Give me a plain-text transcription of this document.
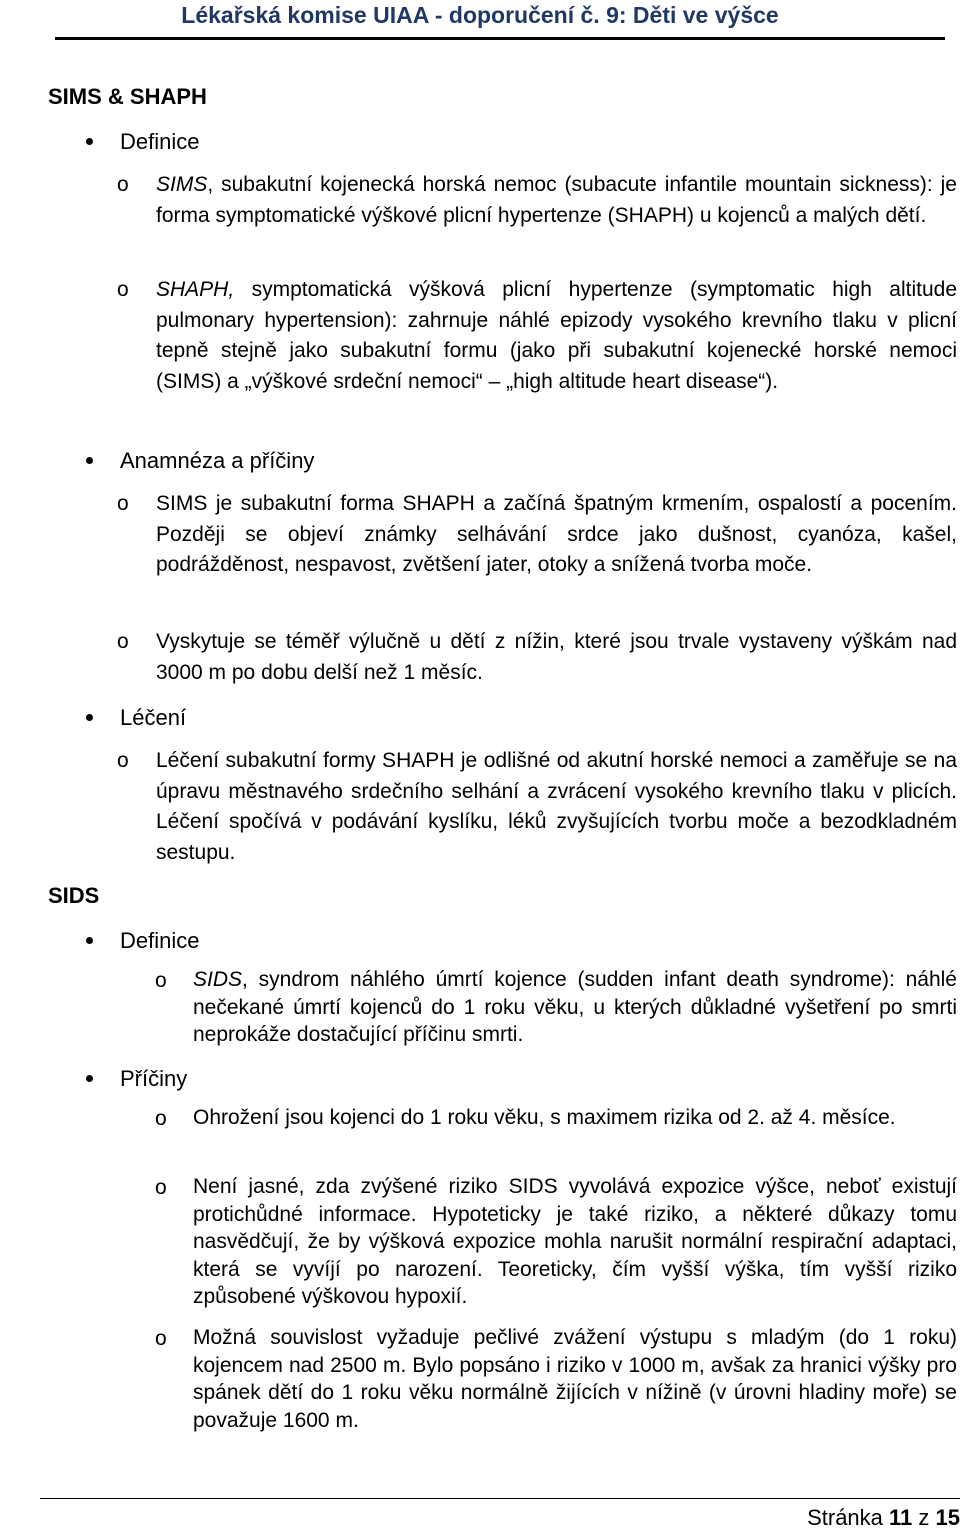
Lékařská komise UIAA - doporučení č. 9: Děti ve výšce
SIMS & SHAPH
Definice
o SIMS, subakutní kojenecká horská nemoc (subacute infantile mountain sickness): je forma symptomatické výškové plicní hypertenze (SHAPH) u kojenců a malých dětí.
o SHAPH, symptomatická výšková plicní hypertenze (symptomatic high altitude pulmonary hypertension): zahrnuje náhlé epizody vysokého krevního tlaku v plicní tepně stejně jako subakutní formu (jako při subakutní kojenecké horské nemoci (SIMS) a „výškové srdeční nemoci“ – „high altitude heart disease“).
Anamnéza a příčiny
o SIMS je subakutní forma SHAPH a začíná špatným krmením, ospalostí a pocením. Později se objeví známky selhávání srdce jako dušnost, cyanóza, kašel, podrážděnost, nespavost, zvětšení jater, otoky a snížená tvorba moče.
o Vyskytuje se téměř výlučně u dětí z nížin, které jsou trvale vystaveny výškám nad 3000 m po dobu delší než 1 měsíc.
Léčení
o Léčení subakutní formy SHAPH je odlišné od akutní horské nemoci a zaměřuje se na úpravu městnavého srdečního selhání a zvrácení vysokého krevního tlaku v plicích. Léčení spočívá v podávání kyslíku, léků zvyšujících tvorbu moče a bezodkladném sestupu.
SIDS
Definice
o SIDS, syndrom náhlého úmrtí kojence (sudden infant death syndrome): náhlé nečekané úmrtí kojenců do 1 roku věku, u kterých důkladné vyšetření po smrti neprokáže dostačující příčinu smrti.
Příčiny
o Ohrožení jsou kojenci do 1 roku věku, s maximem rizika od 2. až 4. měsíce.
o Není jasné, zda zvýšené riziko SIDS vyvolává expozice výšce, neboť existují protichůdné informace. Hypoteticky je také riziko, a některé důkazy tomu nasvědčují, že by výšková expozice mohla narušit normální respirační adaptaci, která se vyvíjí po narození. Teoreticky, čím vyšší výška, tím vyšší riziko způsobené výškovou hypoxií.
o Možná souvislost vyžaduje pečlivé zvážení výstupu s mladým (do 1 roku) kojencem nad 2500 m. Bylo popsáno i riziko v 1000 m, avšak za hranici výšky pro spánek dětí do 1 roku věku normálně žijících v nížině (v úrovni hladiny moře) se považuje 1600 m.
Stránka 11 z 15
